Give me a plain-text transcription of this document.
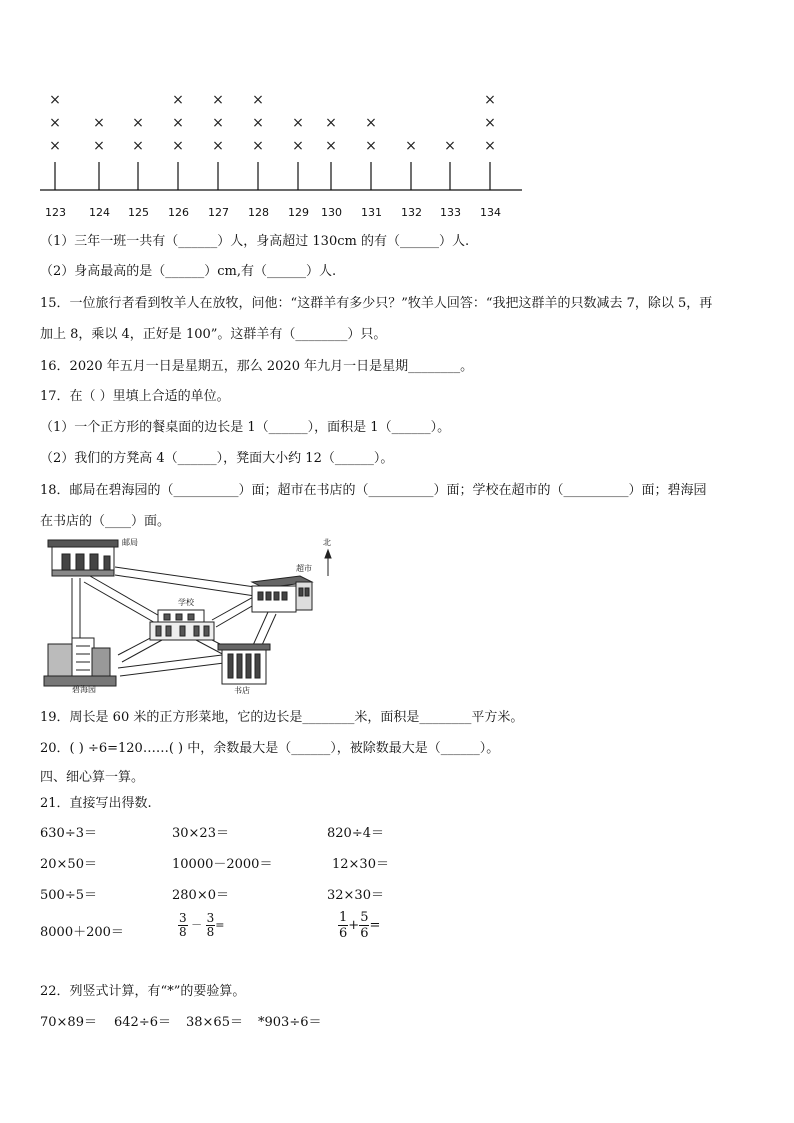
×
×
×
×
×
×
×
×
×
×
×
×
×
×
×
×
×
×
×
×
×
×
× × ×
×
×
123 124 125 126 127 128 129 130 131 132 133 134
（1）三年一班一共有（______）人，身高超过 130cm 的有（______）人.
（2）身高最高的是（______）cm,有（______）人.
15．一位旅行者看到牧羊人在放牧，问他：“这群羊有多少只？”牧羊人回答：“我把这群羊的只数减去 7，除以 5，再
加上 8，乘以 4，正好是 100”。这群羊有（________）只。
16．2020 年五月一日是星期五，那么 2020 年九月一日是星期________。
17．在（ ）里填上合适的单位。
（1）一个正方形的餐桌面的边长是 1（______），面积是 1（______）。
（2）我们的方凳高 4（______），凳面大小约 12（______）。
18．邮局在碧海园的（__________）面；超市在书店的（__________）面；学校在超市的（__________）面；碧海园
在书店的（____）面。
邮局
超市
学校
碧海园	书店
北
19．周长是 60 米的正方形菜地，它的边长是________米，面积是________平方米。
20．( ) ÷6=120……( ) 中，余数最大是（______），被除数最大是（______）。
四、细心算一算。
21．直接写出得数.
630÷3＝	30×23＝	820÷4＝
20×50＝	10000－2000＝	12×30＝
500÷5＝	280×0＝	32×30＝
8000＋200＝	$\frac{3}{8} - \frac{3}{8}$ =	$\frac{1}{6} + \frac{5}{6}$ =
22．列竖式计算，有“*”的要验算。
70×89＝ 642÷6＝ 38×65＝ *903÷6＝
